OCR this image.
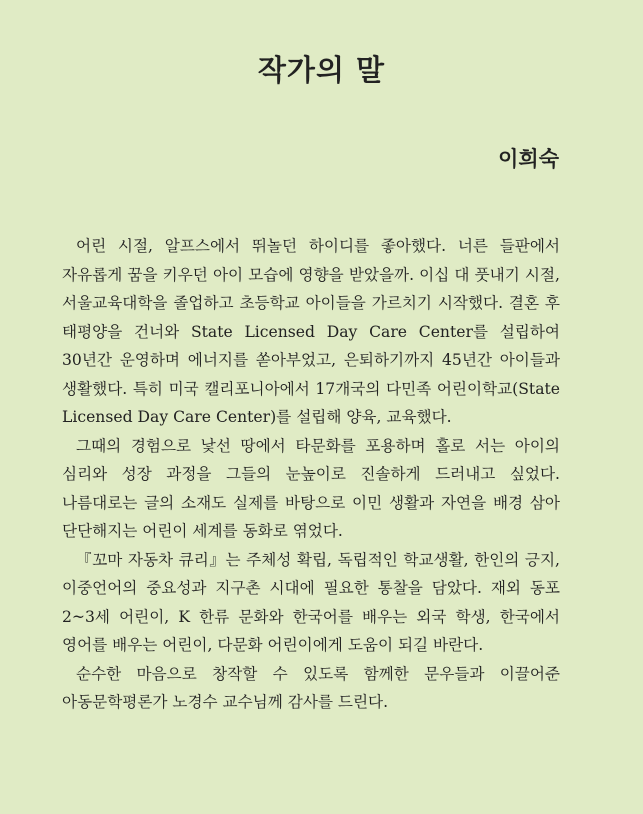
작가의 말
이희숙

어린 시절, 알프스에서 뛰놀던 하이디를 좋아했다. 너른 들판에서 자유롭게 꿈을 키우던 아이 모습에 영향을 받았을까. 이십 대 풋내기 시절, 서울교육대학을 졸업하고 초등학교 아이들을 가르치기 시작했다. 결혼 후 태평양을 건너와 State Licensed Day Care Center를 설립하여 30년간 운영하며 에너지를 쏟아부었고, 은퇴하기까지 45년간 아이들과 생활했다. 특히 미국 캘리포니아에서 17개국의 다민족 어린이학교(State Licensed Day Care Center)를 설립해 양육, 교육했다.

그때의 경험으로 낯선 땅에서 타문화를 포용하며 홀로 서는 아이의 심리와 성장 과정을 그들의 눈높이로 진솔하게 드러내고 싶었다. 나름대로는 글의 소재도 실제를 바탕으로 이민 생활과 자연을 배경 삼아 단단해지는 어린이 세계를 동화로 엮었다.

『꼬마 자동차 큐리』는 주체성 확립, 독립적인 학교생활, 한인의 긍지, 이중언어의 중요성과 지구촌 시대에 필요한 통찰을 담았다. 재외 동포 2~3세 어린이, K 한류 문화와 한국어를 배우는 외국 학생, 한국에서 영어를 배우는 어린이, 다문화 어린이에게 도움이 되길 바란다.

순수한 마음으로 창작할 수 있도록 함께한 문우들과 이끌어준 아동문학평론가 노경수 교수님께 감사를 드린다.
